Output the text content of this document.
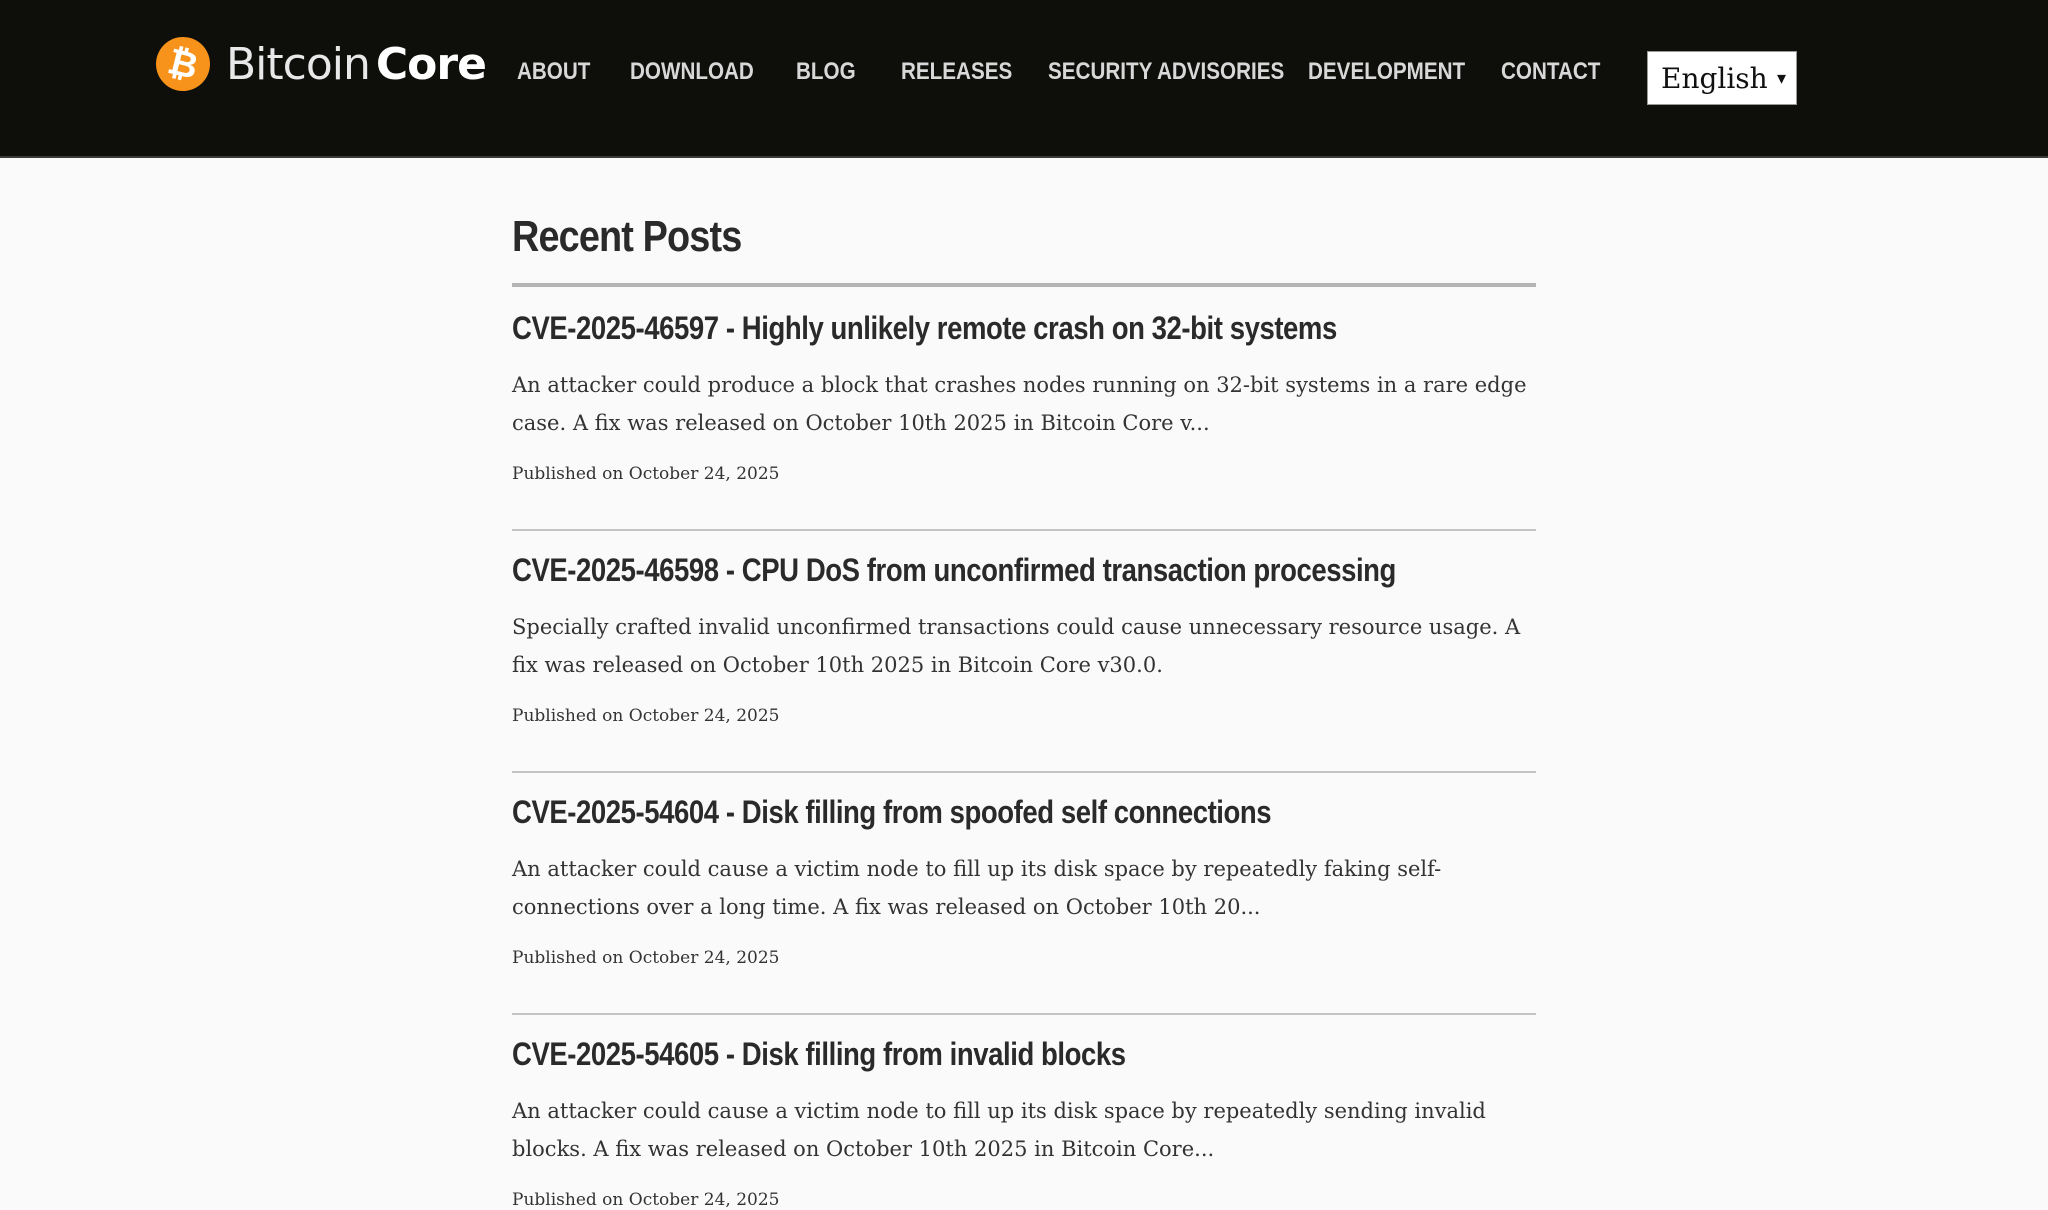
₿ Bitcoin Core ABOUT	DOWNLOAD BLOG RELEASES SECURITY ADVISORIES DEVELOPMENT CONTACT English ▾
Recent Posts
CVE-2025-46597 - Highly unlikely remote crash on 32-bit systems

An attacker could produce a block that crashes nodes running on 32-bit systems in a rare edge case. A fix was released on October 10th 2025 in Bitcoin Core v...

Published on October 24, 2025
CVE-2025-46598 - CPU DoS from unconfirmed transaction processing

Specially crafted invalid unconfirmed transactions could cause unnecessary resource usage. A fix was released on October 10th 2025 in Bitcoin Core v30.0.

Published on October 24, 2025
CVE-2025-54604 - Disk filling from spoofed self connections

An attacker could cause a victim node to fill up its disk space by repeatedly faking self-connections over a long time. A fix was released on October 10th 20...

Published on October 24, 2025
CVE-2025-54605 - Disk filling from invalid blocks

An attacker could cause a victim node to fill up its disk space by repeatedly sending invalid blocks. A fix was released on October 10th 2025 in Bitcoin Core...

Published on October 24, 2025
